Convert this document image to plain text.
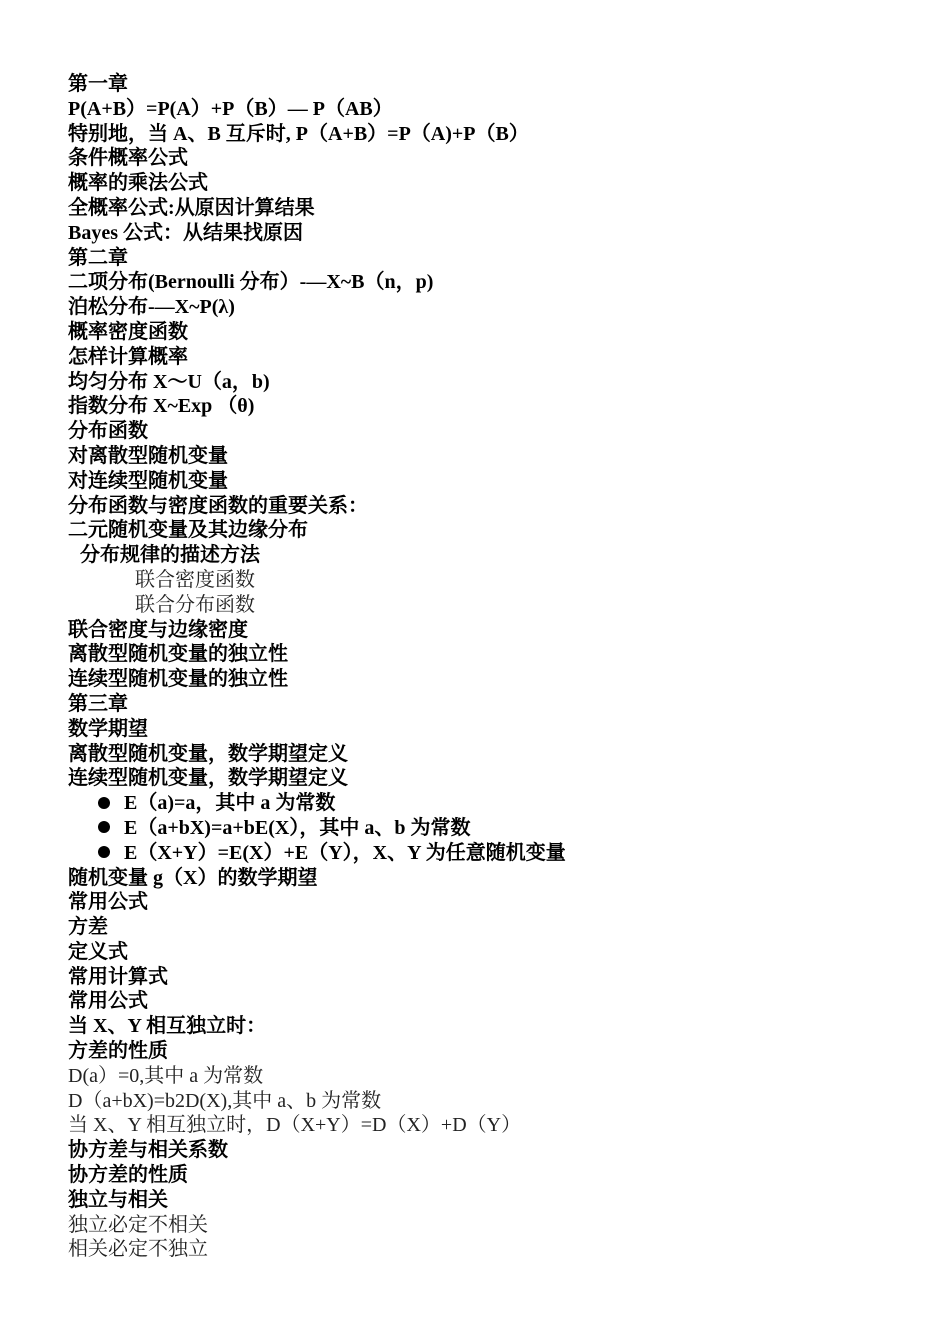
第一章
P(A+B）=P(A）+P（B）— P（AB）
特别地，当 A、B 互斥时, P（A+B）=P（A)+P（B）
条件概率公式
概率的乘法公式
全概率公式:从原因计算结果
Bayes 公式：从结果找原因
第二章
二项分布(Bernoulli 分布）-—X~B（n，p)
泊松分布-—X~P(λ)
概率密度函数
怎样计算概率
均匀分布 X～U（a，b)
指数分布 X~Exp （θ)
分布函数
对离散型随机变量
对连续型随机变量
分布函数与密度函数的重要关系：
二元随机变量及其边缘分布
分布规律的描述方法
联合密度函数
联合分布函数
联合密度与边缘密度
离散型随机变量的独立性
连续型随机变量的独立性
第三章
数学期望
离散型随机变量，数学期望定义
连续型随机变量，数学期望定义
E（a)=a，其中 a 为常数
E（a+bX)=a+bE(X），其中 a、b 为常数
E（X+Y）=E(X）+E（Y），X、Y 为任意随机变量
随机变量 g（X）的数学期望
常用公式
方差
定义式
常用计算式
常用公式
当 X、Y 相互独立时：
方差的性质
D(a）=0,其中 a 为常数
D（a+bX)=b2D(X),其中 a、b 为常数
当 X、Y 相互独立时，D（X+Y）=D（X）+D（Y）
协方差与相关系数
协方差的性质
独立与相关
独立必定不相关
相关必定不独立
